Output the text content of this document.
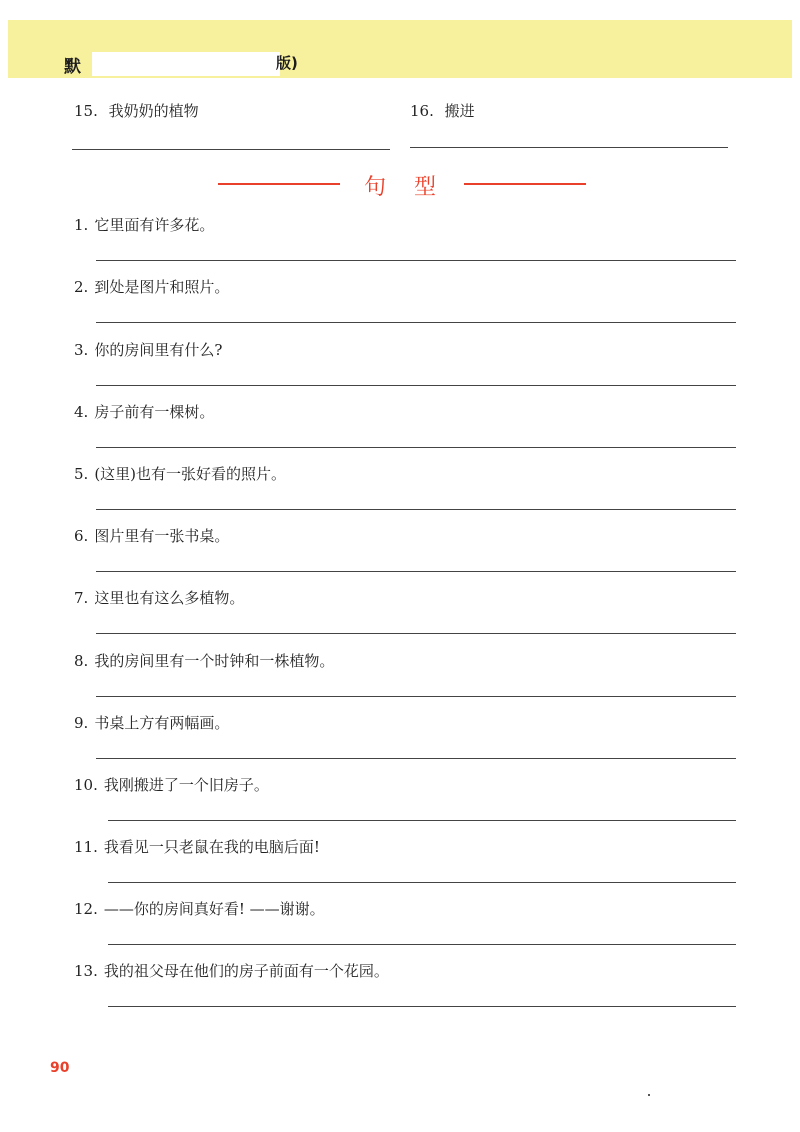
默	版)
15. 我奶奶的植物	16. 搬进
句型
1. 它里面有许多花。
2. 到处是图片和照片。
3. 你的房间里有什么?
4. 房子前有一棵树。
5. (这里)也有一张好看的照片。
6. 图片里有一张书桌。
7. 这里也有这么多植物。
8. 我的房间里有一个时钟和一株植物。
9. 书桌上方有两幅画。
10. 我刚搬进了一个旧房子。
11. 我看见一只老鼠在我的电脑后面!
12. ——你的房间真好看! ——谢谢。
13. 我的祖父母在他们的房子前面有一个花园。
90
